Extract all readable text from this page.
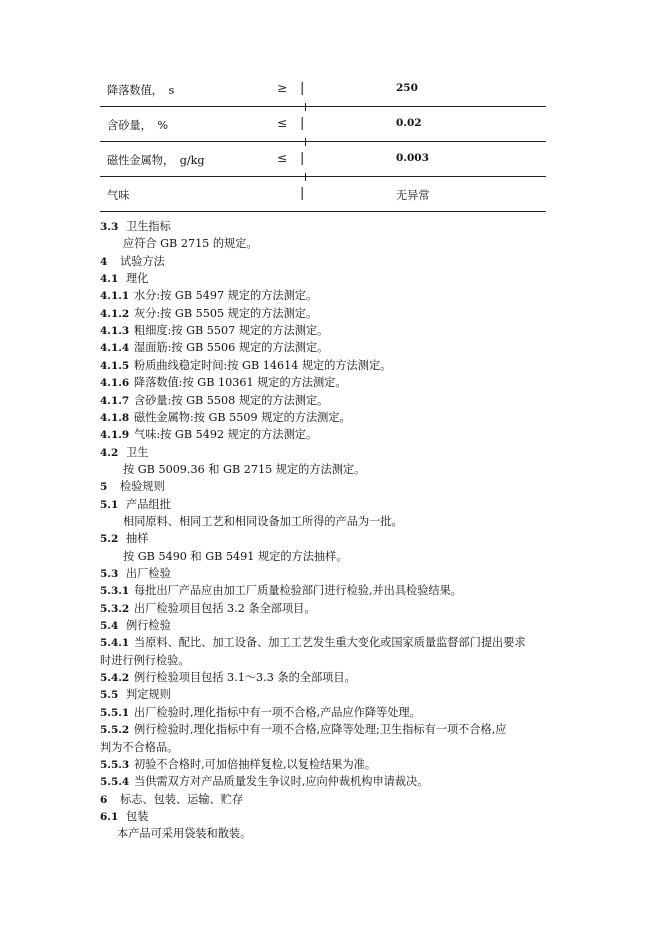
降落数值，　s	≥ |	250
含砂量，　%	≤ |	0.02
磁性金属物，　g/kg	≤ |	0.003
气味	|	无异常
3.3 卫生指标
应符合 GB 2715 的规定。
4 试验方法
4.1 理化
4.1.1 水分:按 GB 5497 规定的方法测定。
4.1.2 灰分:按 GB 5505 规定的方法测定。
4.1.3 粗细度:按 GB 5507 规定的方法测定。
4.1.4 湿面筋:按 GB 5506 规定的方法测定。
4.1.5 粉质曲线稳定时间:按 GB 14614 规定的方法测定。
4.1.6 降落数值:按 GB 10361 规定的方法测定。
4.1.7 含砂量:按 GB 5508 规定的方法测定。
4.1.8 磁性金属物:按 GB 5509 规定的方法测定。
4.1.9 气味:按 GB 5492 规定的方法测定。
4.2 卫生
按 GB 5009.36 和 GB 2715 规定的方法测定。
5 检验规则
5.1 产品组批
相同原料、相同工艺和相同设备加工所得的产品为一批。
5.2 抽样
按 GB 5490 和 GB 5491 规定的方法抽样。
5.3 出厂检验
5.3.1 每批出厂产品应由加工厂质量检验部门进行检验,并出具检验结果。
5.3.2 出厂检验项目包括 3.2 条全部项目。
5.4 例行检验
5.4.1 当原料、配比、加工设备、加工工艺发生重大变化或国家质量监督部门提出要求
时进行例行检验。
5.4.2 例行检验项目包括 3.1～3.3 条的全部项目。
5.5 判定规则
5.5.1 出厂检验时,理化指标中有一项不合格,产品应作降等处理。
5.5.2 例行检验时,理化指标中有一项不合格,应降等处理;卫生指标有一项不合格,应
判为不合格品。
5.5.3 初验不合格时,可加倍抽样复检,以复检结果为准。
5.5.4 当供需双方对产品质量发生争议时,应向仲裁机构申请裁决。
6 标志、包装、运输、贮存
6.1 包装
本产品可采用袋装和散装。
